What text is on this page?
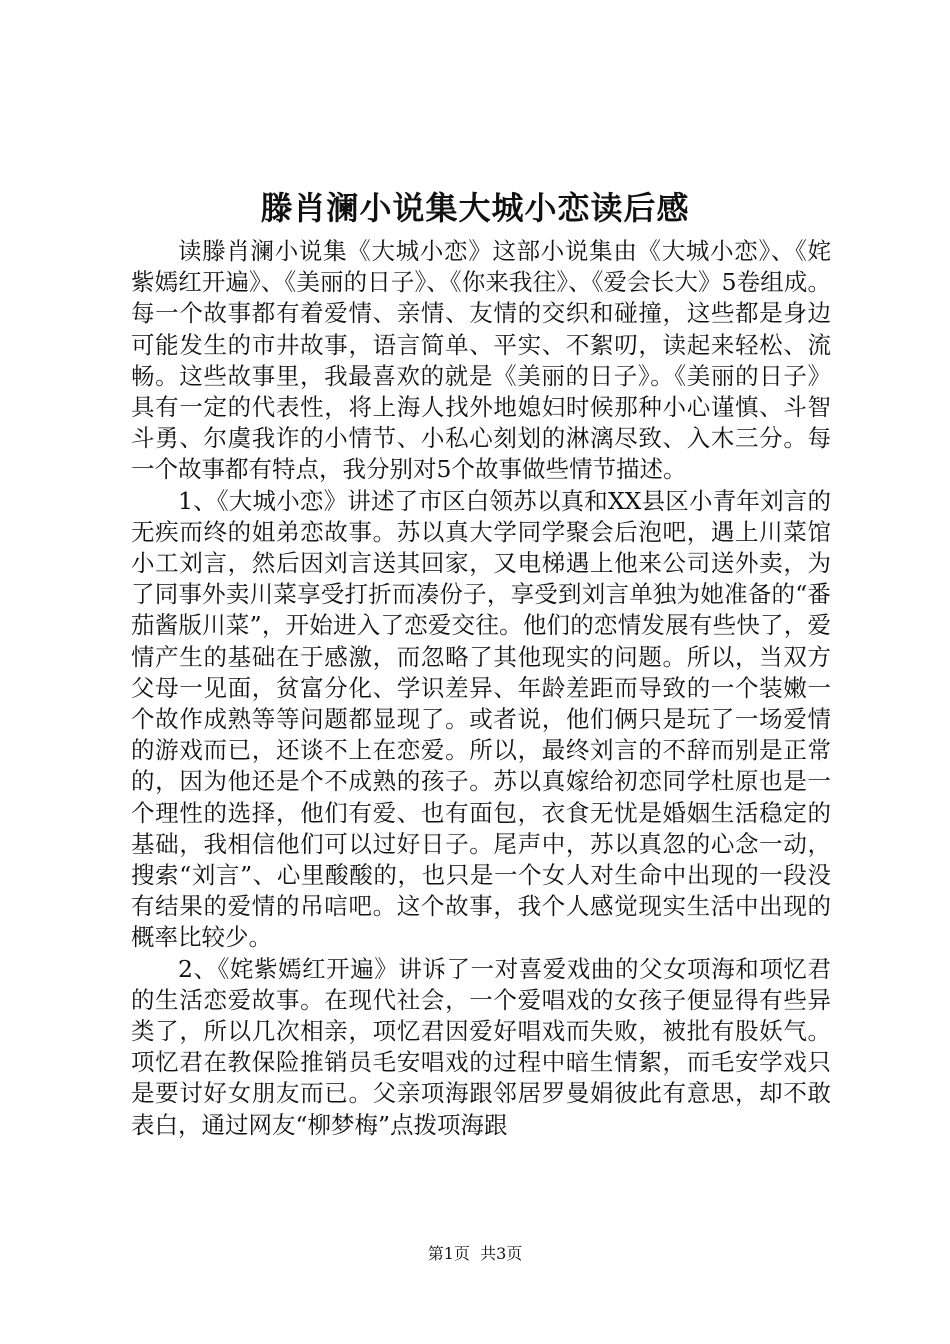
滕肖澜小说集大城小恋读后感

读滕肖澜小说集《大城小恋》这部小说集由《大城小恋》、《姹紫嫣红开遍》、《美丽的日子》、《你来我往》、《爱会长大》5卷组成。每一个故事都有着爱情、亲情、友情的交织和碰撞，这些都是身边可能发生的市井故事，语言简单、平实、不絮叨，读起来轻松、流畅。这些故事里，我最喜欢的就是《美丽的日子》。《美丽的日子》具有一定的代表性，将上海人找外地媳妇时候那种小心谨慎、斗智斗勇、尔虞我诈的小情节、小私心刻划的淋漓尽致、入木三分。每一个故事都有特点，我分别对5个故事做些情节描述。

1、《大城小恋》讲述了市区白领苏以真和XX县区小青年刘言的无疾而终的姐弟恋故事。苏以真大学同学聚会后泡吧，遇上川菜馆小工刘言，然后因刘言送其回家，又电梯遇上他来公司送外卖，为了同事外卖川菜享受打折而凑份子，享受到刘言单独为她准备的“番茄酱版川菜”，开始进入了恋爱交往。他们的恋情发展有些快了，爱情产生的基础在于感激，而忽略了其他现实的问题。所以，当双方父母一见面，贫富分化、学识差异、年龄差距而导致的一个装嫩一个故作成熟等等问题都显现了。或者说，他们俩只是玩了一场爱情的游戏而已，还谈不上在恋爱。所以，最终刘言的不辞而别是正常的，因为他还是个不成熟的孩子。苏以真嫁给初恋同学杜原也是一个理性的选择，他们有爱、也有面包，衣食无忧是婚姻生活稳定的基础，我相信他们可以过好日子。尾声中，苏以真忽的心念一动，搜索“刘言”、心里酸酸的，也只是一个女人对生命中出现的一段没有结果的爱情的吊唁吧。这个故事，我个人感觉现实生活中出现的概率比较少。

2、《姹紫嫣红开遍》讲诉了一对喜爱戏曲的父女项海和项忆君的生活恋爱故事。在现代社会，一个爱唱戏的女孩子便显得有些异类了，所以几次相亲，项忆君因爱好唱戏而失败，被批有股妖气。项忆君在教保险推销员毛安唱戏的过程中暗生情絮，而毛安学戏只是要讨好女朋友而已。父亲项海跟邻居罗曼娟彼此有意思，却不敢表白，通过网友“柳梦梅”点拨项海跟

第1页 共3页
